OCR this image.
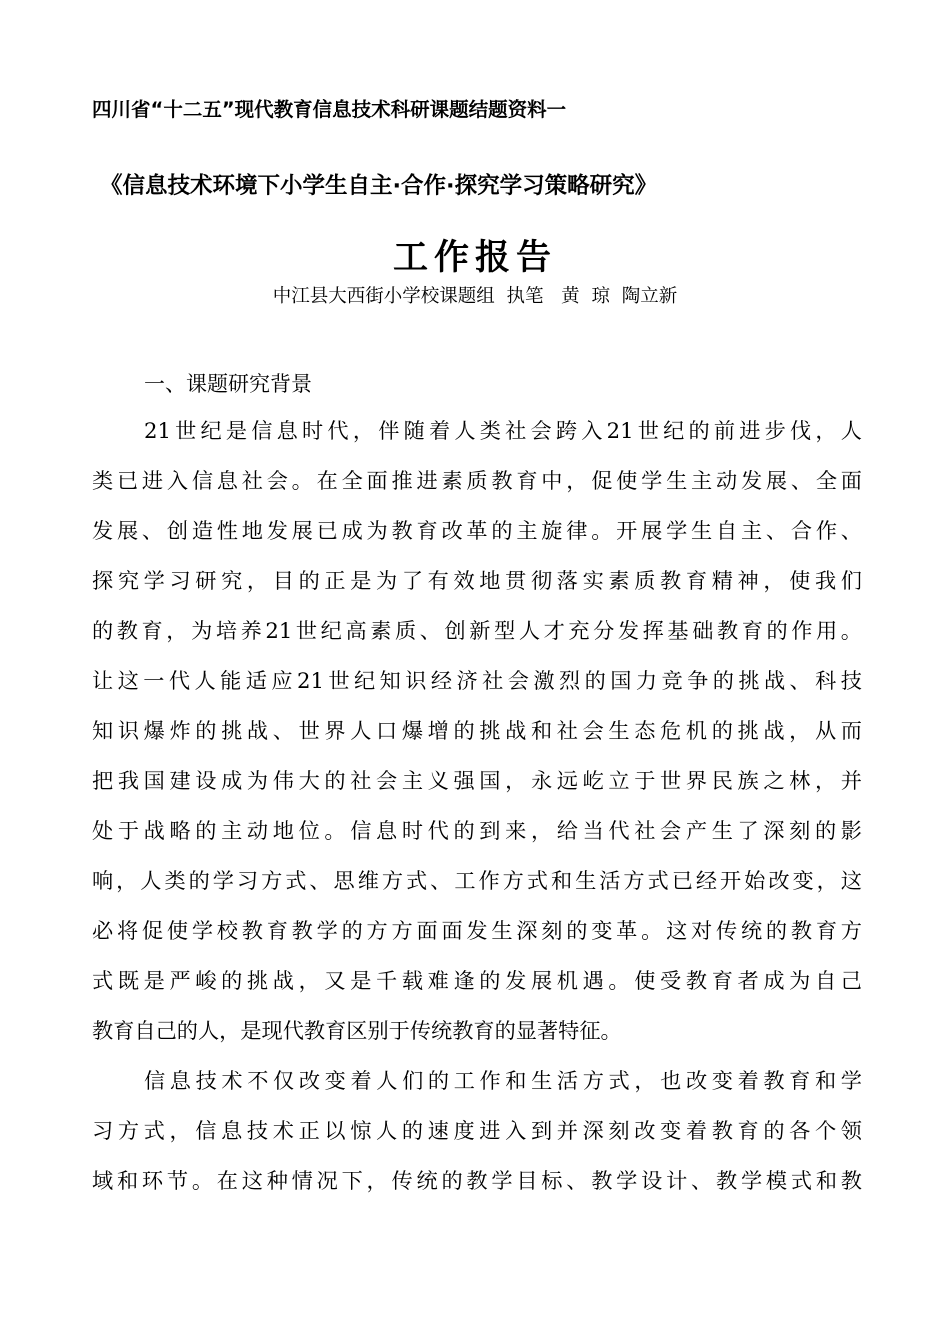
四川省“十二五”现代教育信息技术科研课题结题资料一
《信息技术环境下小学生自主·合作·探究学习策略研究》
工作报告
中江县大西街小学校课题组  执笔   黄  琼  陶立新
一、课题研究背景
21世纪是信息时代，伴随着人类社会跨入21世纪的前进步伐，人
类已进入信息社会。在全面推进素质教育中，促使学生主动发展、全面
发展、创造性地发展已成为教育改革的主旋律。开展学生自主、合作、
探究学习研究，目的正是为了有效地贯彻落实素质教育精神，使我们
的教育，为培养21世纪高素质、创新型人才充分发挥基础教育的作用。
让这一代人能适应21世纪知识经济社会激烈的国力竞争的挑战、科技
知识爆炸的挑战、世界人口爆增的挑战和社会生态危机的挑战，从而
把我国建设成为伟大的社会主义强国，永远屹立于世界民族之林，并
处于战略的主动地位。信息时代的到来，给当代社会产生了深刻的影
响，人类的学习方式、思维方式、工作方式和生活方式已经开始改变，这
必将促使学校教育教学的方方面面发生深刻的变革。这对传统的教育方
式既是严峻的挑战，又是千载难逢的发展机遇。使受教育者成为自己
教育自己的人，是现代教育区别于传统教育的显著特征。
信息技术不仅改变着人们的工作和生活方式，也改变着教育和学
习方式，信息技术正以惊人的速度进入到并深刻改变着教育的各个领
域和环节。在这种情况下，传统的教学目标、教学设计、教学模式和教
